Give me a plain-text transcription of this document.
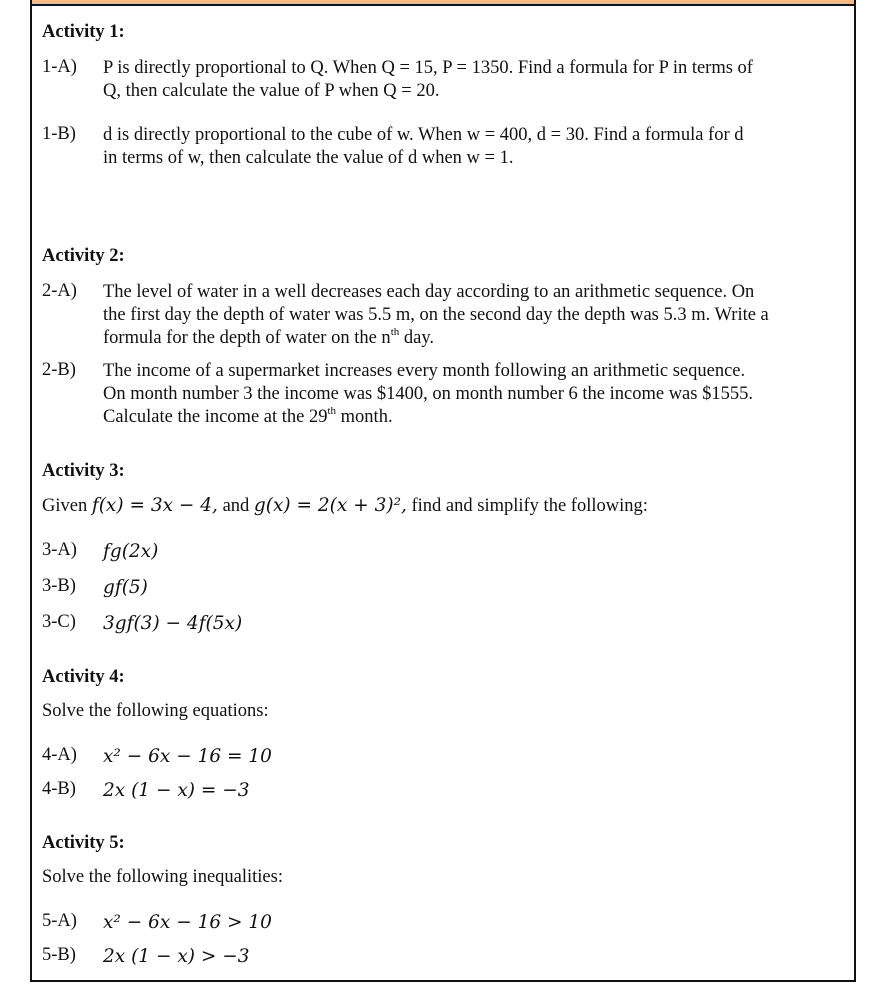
Activity 1:
1-A) P is directly proportional to Q. When Q = 15, P = 1350. Find a formula for P in terms of
Q, then calculate the value of P when Q = 20.
1-B) d is directly proportional to the cube of w. When w = 400, d = 30. Find a formula for d
in terms of w, then calculate the value of d when w = 1.
Activity 2:
2-A) The level of water in a well decreases each day according to an arithmetic sequence. On
the first day the depth of water was 5.5 m, on the second day the depth was 5.3 m. Write a
formula for the depth of water on the $n^{th}$ day.
2-B) The income of a supermarket increases every month following an arithmetic sequence.
On month number 3 the income was $1400, on month number 6 the income was $1555.
Calculate the income at the 29th month.
Activity 3:
Given f(x) = 3x − 4, and g(x) = 2(x + 3)², find and simplify the following:
3-A) fg(2x)
3-B) gf(5)
3-C) 3gf(3) − 4f(5x)
Activity 4:
Solve the following equations:
4-A) x² − 6x − 16 = 10
4-B) 2x (1 − x) = −3
Activity 5:
Solve the following inequalities:
5-A) x² − 6x − 16 > 10
5-B) 2x (1 − x) > −3
